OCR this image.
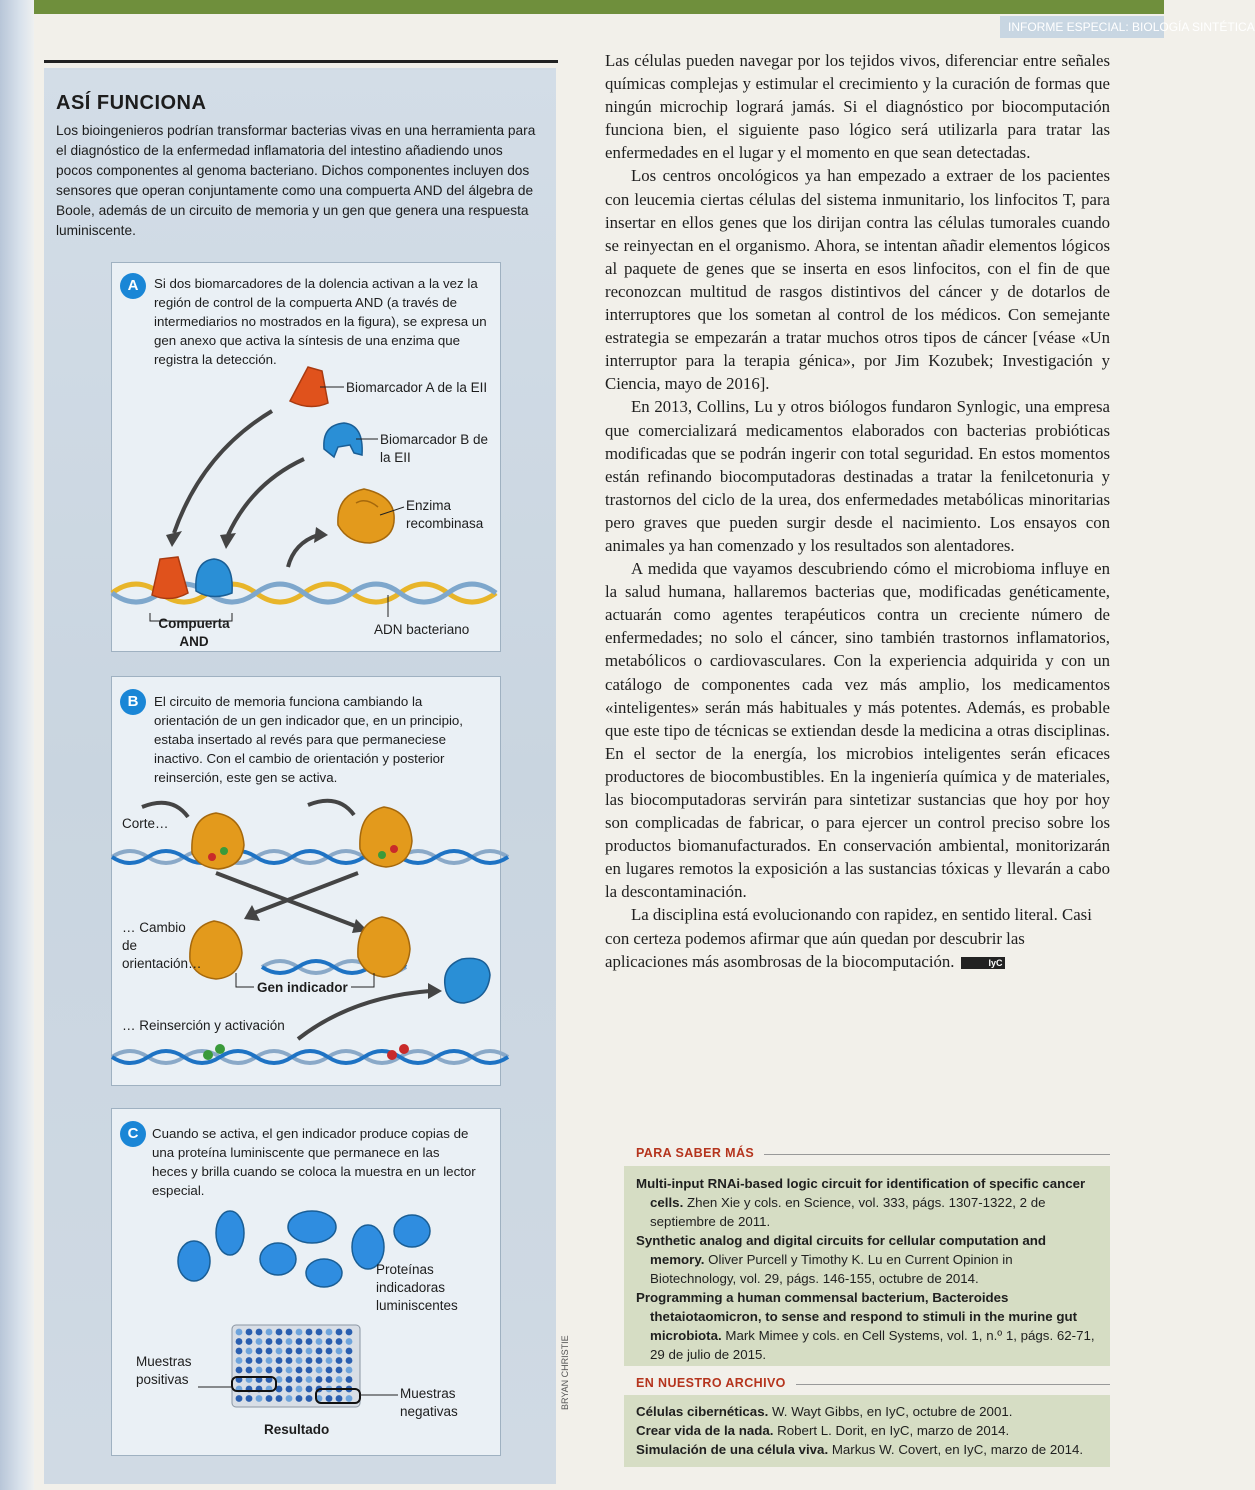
INFORME ESPECIAL: BIOLOGÍA SINTÉTICA
ASÍ FUNCIONA

Los bioingenieros podrían transformar bacterias vivas en una herramienta para el diagnóstico de la enfermedad inflamatoria del intestino añadiendo unos pocos componentes al genoma bacteriano. Dichos componentes incluyen dos sensores que operan conjuntamente como una compuerta AND del álgebra de Boole, además de un circuito de memoria y un gen que genera una respuesta luminiscente.

A	Si dos biomarcadores de la dolencia activan a la vez la región de control de la compuerta AND (a través de intermediarios no mostrados en la figura), se expresa un gen anexo que activa la síntesis de una enzima que registra la detección.

Biomarcador A de la EII

Biomarcador B de la EII

Enzima recombinasa

Compuerta AND

ADN bacteriano

B	El circuito de memoria funciona cambiando la orientación de un gen indicador que, en un principio, estaba insertado al revés para que permaneciese inactivo. Con el cambio de orientación y posterior reinserción, este gen se activa.

Corte…

… Cambio de orientación…

Gen indicador

… Reinserción y activación

C	Cuando se activa, el gen indicador produce copias de una proteína luminiscente que permanece en las heces y brilla cuando se coloca la muestra en un lector especial.

Proteínas indicadoras luminiscentes

Muestras positivas

Muestras negativas

Resultado

Las células pueden navegar por los tejidos vivos, diferenciar entre señales químicas complejas y estimular el crecimiento y la curación de formas que ningún microchip logrará jamás. Si el diagnóstico por biocomputación funciona bien, el siguiente paso lógico será utilizarla para tratar las enfermedades en el lugar y el momento en que sean detectadas.

Los centros oncológicos ya han empezado a extraer de los pacientes con leucemia ciertas células del sistema inmunitario, los linfocitos T, para insertar en ellos genes que los dirijan contra las células tumorales cuando se reinyectan en el organismo. Ahora, se intentan añadir elementos lógicos al paquete de genes que se inserta en esos linfocitos, con el fin de que reconozcan multitud de rasgos distintivos del cáncer y de dotarlos de interruptores que los sometan al control de los médicos. Con semejante estrategia se empezarán a tratar muchos otros tipos de cáncer [véase «Un interruptor para la terapia génica», por Jim Kozubek; Investigación y Ciencia, mayo de 2016].

En 2013, Collins, Lu y otros biólogos fundaron Synlogic, una empresa que comercializará medicamentos elaborados con bacterias probióticas modificadas que se podrán ingerir con total seguridad. En estos momentos están refinando biocomputadoras destinadas a tratar la fenilcetonuria y trastornos del ciclo de la urea, dos enfermedades metabólicas minoritarias pero graves que pueden surgir desde el nacimiento. Los ensayos con animales ya han comenzado y los resultados son alentadores.

A medida que vayamos descubriendo cómo el microbioma influye en la salud humana, hallaremos bacterias que, modificadas genéticamente, actuarán como agentes terapéuticos contra un creciente número de enfermedades; no solo el cáncer, sino también trastornos inflamatorios, metabólicos o cardiovasculares. Con la experiencia adquirida y con un catálogo de componentes cada vez más amplio, los medicamentos «inteligentes» serán más habituales y más potentes. Además, es probable que este tipo de técnicas se extiendan desde la medicina a otras disciplinas. En el sector de la energía, los microbios inteligentes serán eficaces productores de biocombustibles. En la ingeniería química y de materiales, las biocomputadoras servirán para sintetizar sustancias que hoy por hoy son complicadas de fabricar, o para ejercer un control preciso sobre los productos biomanufacturados. En conservación ambiental, monitorizarán en lugares remotos la exposición a las sustancias tóxicas y llevarán a cabo la descontaminación.

La disciplina está evolucionando con rapidez, en sentido literal. Casi con certeza podemos afirmar que aún quedan por descubrir las aplicaciones más asombrosas de la biocomputación.	IyC

BRYAN CHRISTIE
PARA SABER MÁS

Multi-input RNAi-based logic circuit for identification of specific cancer cells. Zhen Xie y cols. en Science, vol. 333, págs. 1307-1322, 2 de septiembre de 2011.

Synthetic analog and digital circuits for cellular computation and memory. Oliver Purcell y Timothy K. Lu en Current Opinion in Biotechnology, vol. 29, págs. 146-155, octubre de 2014.

Programming a human commensal bacterium, Bacteroides thetaiotaomicron, to sense and respond to stimuli in the murine gut microbiota. Mark Mimee y cols. en Cell Systems, vol. 1, n.º 1, págs. 62-71, 29 de julio de 2015.

EN NUESTRO ARCHIVO

Células cibernéticas. W. Wayt Gibbs, en IyC, octubre de 2001.

Crear vida de la nada. Robert L. Dorit, en IyC, marzo de 2014.

Simulación de una célula viva. Markus W. Covert, en IyC, marzo de 2014.
